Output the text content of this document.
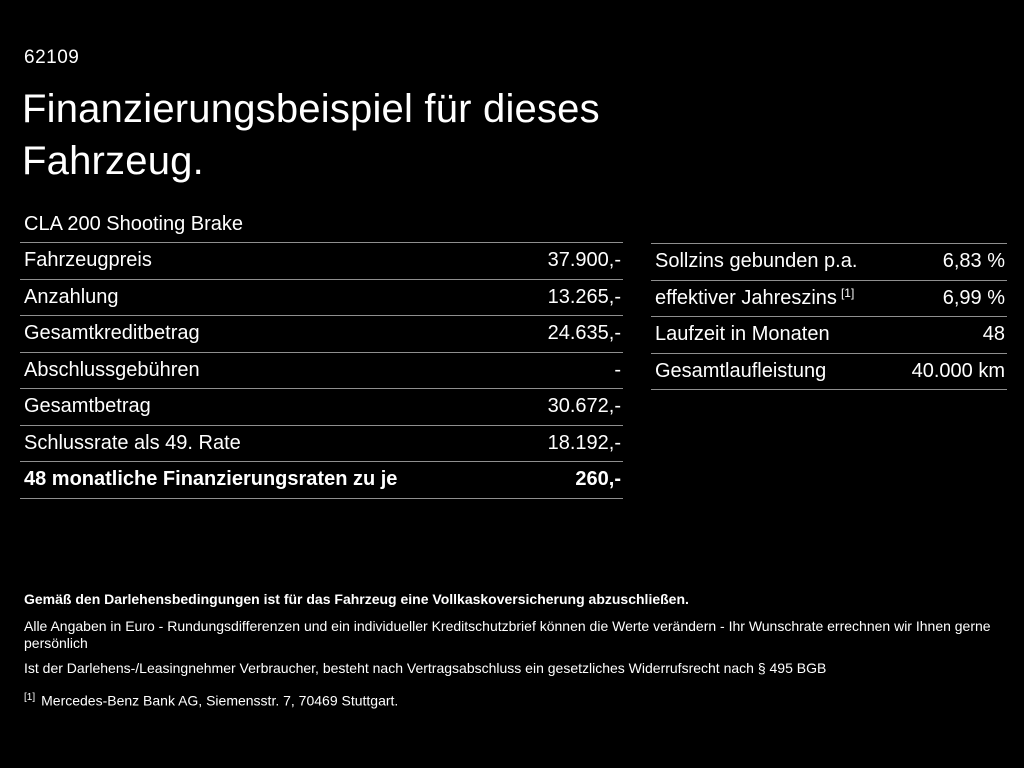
62109
Finanzierungsbeispiel für dieses Fahrzeug.
CLA 200 Shooting Brake
Fahrzeugpreis	37.900,-
Anzahlung	13.265,-
Gesamtkreditbetrag	24.635,-
Abschlussgebühren	-
Gesamtbetrag	30.672,-
Schlussrate als 49. Rate	18.192,-
48 monatliche Finanzierungsraten zu je	260,-
Sollzins gebunden p.a.	6,83 %
effektiver Jahreszins [1]	6,99 %
Laufzeit in Monaten	48
Gesamtlaufleistung	40.000 km
Gemäß den Darlehensbedingungen ist für das Fahrzeug eine Vollkaskoversicherung abzuschließen.
Alle Angaben in Euro - Rundungsdifferenzen und ein individueller Kreditschutzbrief können die Werte verändern - Ihr Wunschrate errechnen wir Ihnen gerne persönlich
Ist der Darlehens-/Leasingnehmer Verbraucher, besteht nach Vertragsabschluss ein gesetzliches Widerrufsrecht nach § 495 BGB
[1] Mercedes-Benz Bank AG, Siemensstr. 7, 70469 Stuttgart.
